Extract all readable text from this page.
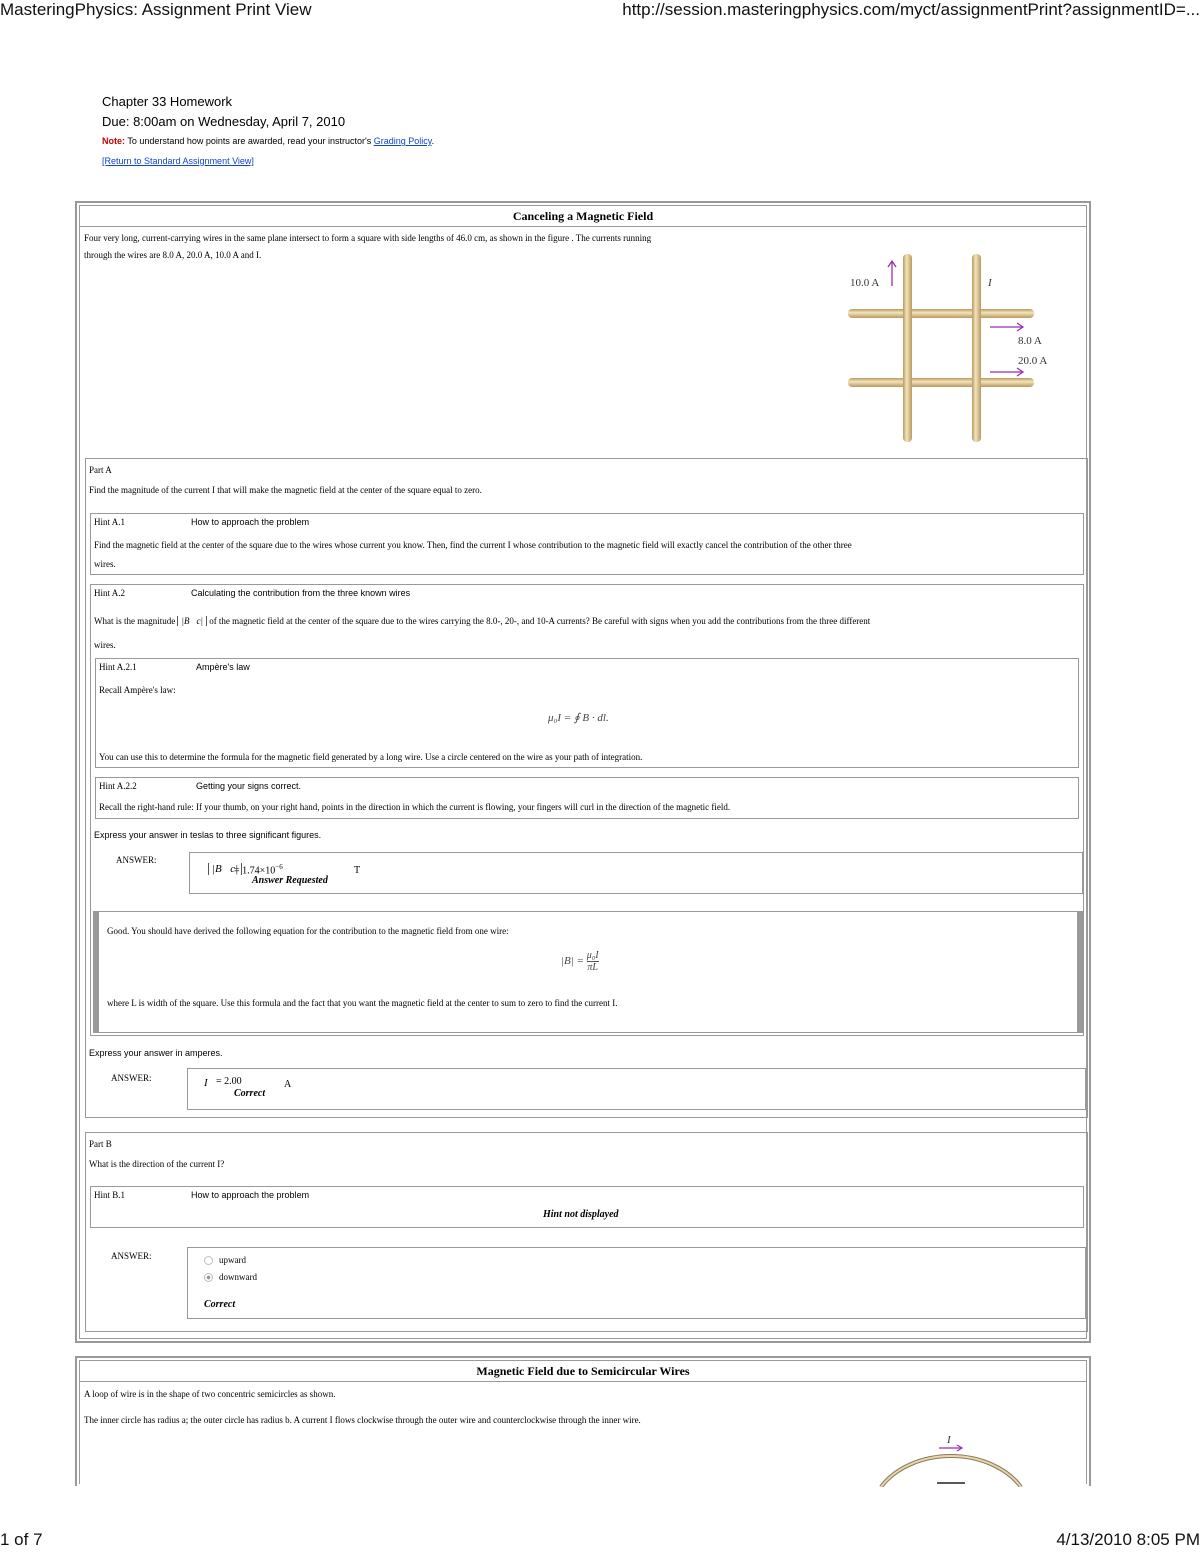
MasteringPhysics: Assignment Print View	http://session.masteringphysics.com/myct/assignmentPrint?assignmentID=...
Chapter 33 Homework
Due: 8:00am on Wednesday, April 7, 2010
Note: To understand how points are awarded, read your instructor's Grading Policy.
[Return to Standard Assignment View]
Canceling a Magnetic Field
Four very long, current-carrying wires in the same plane intersect to form a square with side lengths of 46.0 cm, as shown in the figure . The currents running
through the wires are 8.0 A, 20.0 A, 10.0 A and I.
10.0 A	I
8.0 A
20.0 A
Part A
Find the magnitude of the current I that will make the magnetic field at the center of the square equal to zero.
Hint A.1	How to approach the problem
Find the magnetic field at the center of the square due to the wires whose current you know. Then, find the current I whose contribution to the magnetic field will exactly cancel the contribution of the other three
wires.
Hint A.2	Calculating the contribution from the three known wires
What is the magnitude |B⃗c| of the magnetic field at the center of the square due to the wires carrying the 8.0-, 20-, and 10-A currents? Be careful with signs when you add the contributions from the three different
wires.
Hint A.2.1	Ampère's law
Recall Ampère's law:
μ₀I = ∮ B · dl.
You can use this to determine the formula for the magnetic field generated by a long wire. Use a circle centered on the wire as your path of integration.
Hint A.2.2	Getting your signs correct.
Recall the right-hand rule: If your thumb, on your right hand, points in the direction in which the current is flowing, your fingers will curl in the direction of the magnetic field.
Express your answer in teslas to three significant figures.
ANSWER:
|B⃗c|
= $1.74\times 10^{-6}$	T
Answer Requested
Good. You should have derived the following equation for the contribution to the magnetic field from one wire:
$|B| = \frac{\text{μ₀I}}{\pi L}$
where L is width of the square. Use this formula and the fact that you want the magnetic field at the center to sum to zero to find the current I.
Express your answer in amperes.
ANSWER:	I = 2.00	A
Correct
Part B
What is the direction of the current I?
Hint B.1	How to approach the problem
Hint not displayed
ANSWER:	upward
downward
Correct
Magnetic Field due to Semicircular Wires
A loop of wire is in the shape of two concentric semicircles as shown.
The inner circle has radius a; the outer circle has radius b. A current I flows clockwise through the outer wire and counterclockwise through the inner wire.
I
1 of 7	4/13/2010 8:05 PM
